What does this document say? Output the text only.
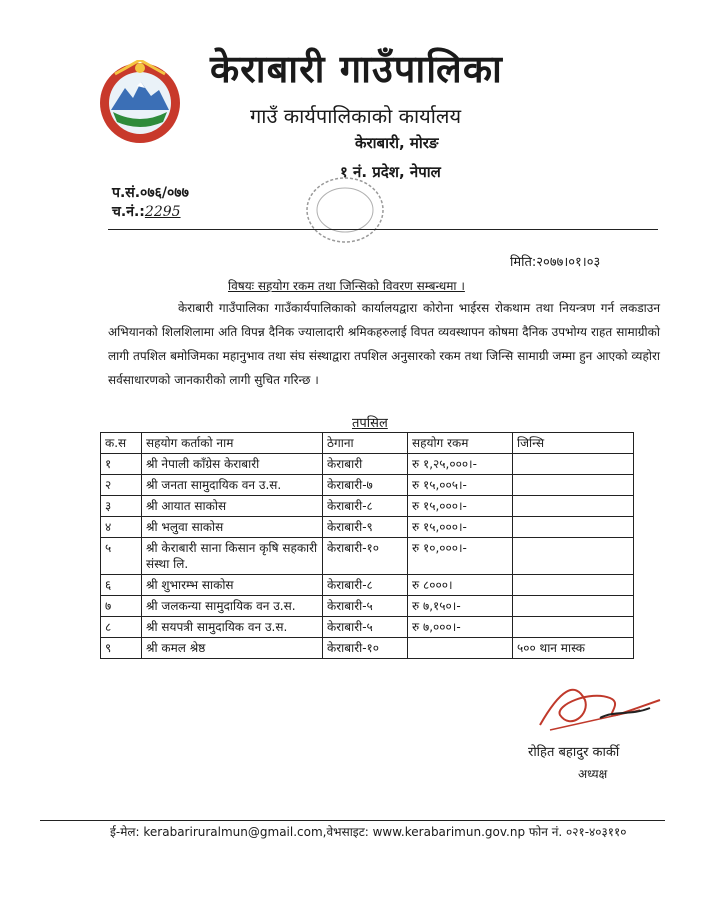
केराबारी गाउँपालिका
गाउँ कार्यपालिकाको कार्यालय
केराबारी, मोरङ
१ नं. प्रदेश, नेपाल
प.सं.०७६/०७७
च.नं.:2295
मिति:२०७७।०१।०३
विषयः सहयोग रकम तथा जिन्सिको विवरण सम्बन्धमा ।
केराबारी गाउँपालिका गाउँकार्यपालिकाको कार्यालयद्वारा कोरोना भाईरस रोकथाम तथा नियन्त्रण गर्न लकडाउन अभियानको शिलशिलामा अति विपन्न दैनिक ज्यालादारी श्रमिकहरुलाई विपत व्यवस्थापन कोषमा दैनिक उपभोग्य राहत सामाग्रीको लागी तपशिल बमोजिमका महानुभाव तथा संघ संस्थाद्वारा तपशिल अनुसारको रकम तथा जिन्सि सामाग्री जम्मा हुन आएको व्यहोरा सर्वसाधारणको जानकारीको लागी सुचित गरिन्छ ।
तपसिल
क.स	सहयोग कर्ताको नाम	ठेगाना	सहयोग रकम	जिन्सि
१	श्री नेपाली काँग्रेस केराबारी	केराबारी	रु १,२५,०००।-	
२	श्री जनता सामुदायिक वन उ.स.	केराबारी-७	रु १५,००५।-	
३	श्री आयात साकोस	केराबारी-८	रु १५,०००।-	
४	श्री भलुवा साकोस	केराबारी-९	रु १५,०००।-	
५	श्री केराबारी साना किसान कृषि सहकारी संस्था लि.	केराबारी-१०	रु १०,०००।-	
६	श्री शुभारम्भ साकोस	केराबारी-८	रु ८०००।	
७	श्री जलकन्या सामुदायिक वन उ.स.	केराबारी-५	रु ७,१५०।-	
८	श्री सयपत्री सामुदायिक वन उ.स.	केराबारी-५	रु ७,०००।-	
९	श्री कमल श्रेष्ठ	केराबारी-१०		५०० थान मास्क
रोहित बहादुर कार्की
अध्यक्ष
ई-मेल: kerabariruralmun@gmail.com,वेभसाइट: www.kerabarimun.gov.np फोन नं. ०२१-४०३११०
